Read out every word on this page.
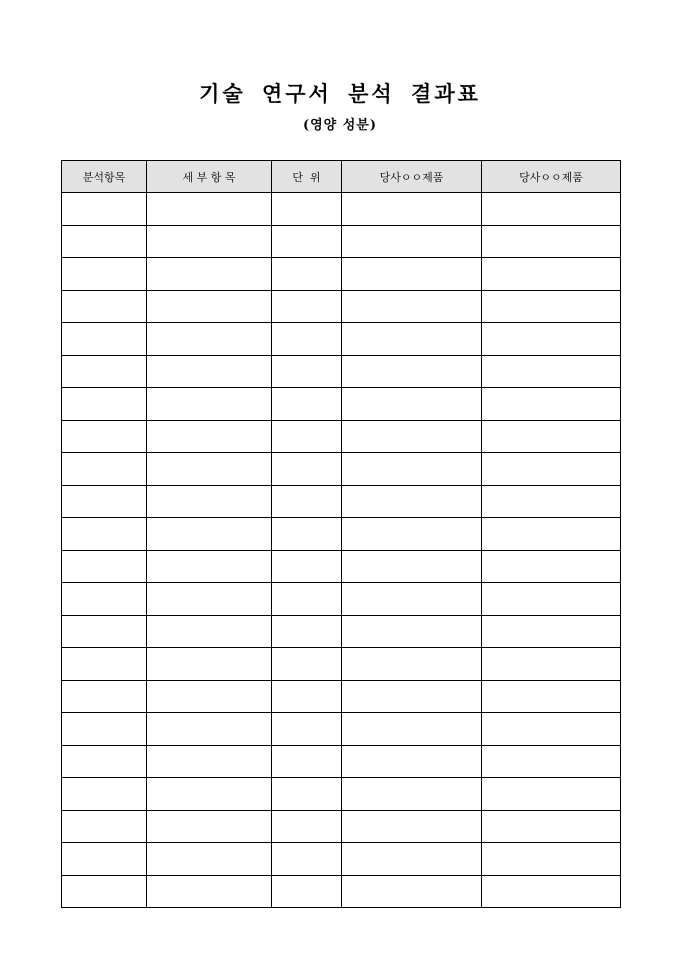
기술 연구서 분석 결과표
(영양 성분)
분석항목	세 부 항 목	단  위	당사ㅇㅇ제품	당사ㅇㅇ제품
